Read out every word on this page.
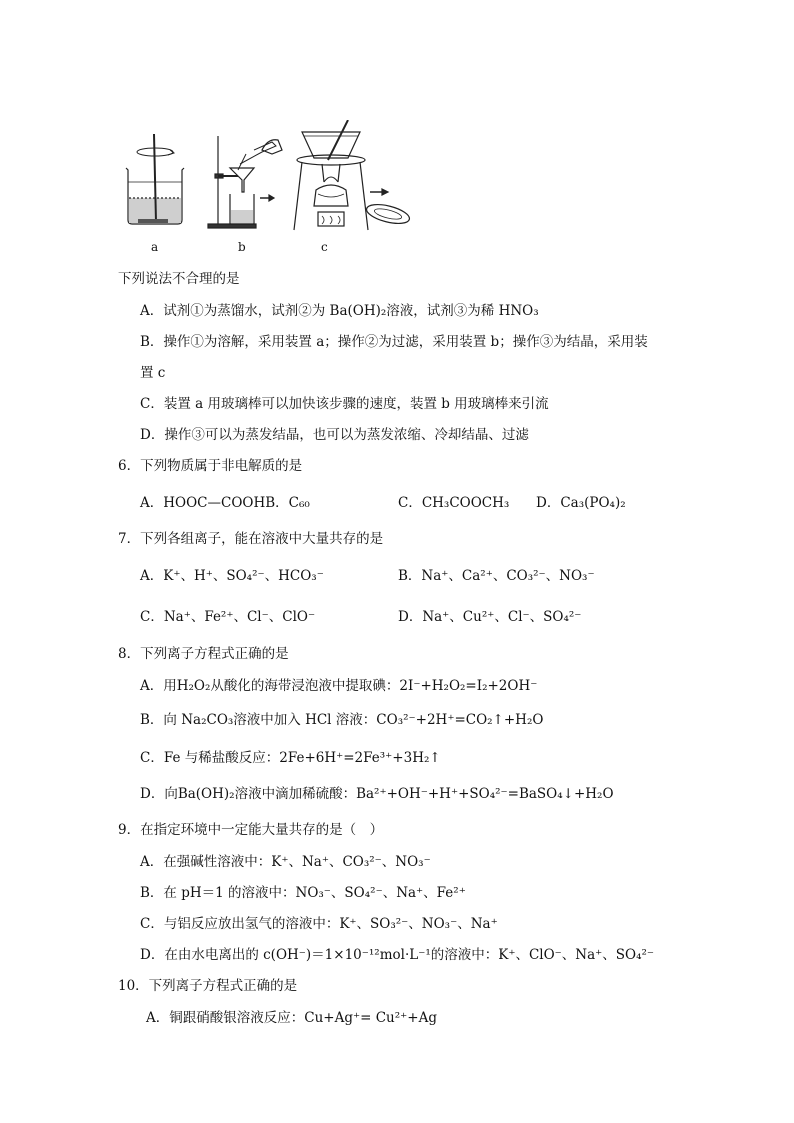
a	b	c
下列说法不合理的是
A．试剂①为蒸馏水，试剂②为 Ba(OH)₂溶液，试剂③为稀 HNO₃
B．操作①为溶解，采用装置 a；操作②为过滤，采用装置 b；操作③为结晶，采用装
置 c
C．装置 a 用玻璃棒可以加快该步骤的速度，装置 b 用玻璃棒来引流
D．操作③可以为蒸发结晶，也可以为蒸发浓缩、冷却结晶、过滤
6．下列物质属于非电解质的是
A．HOOC—COOHB．C₆₀	C．CH₃COOCH₃ D．Ca₃(PO₄)₂
7．下列各组离子，能在溶液中大量共存的是
A．K⁺、H⁺、SO₄²⁻、HCO₃⁻	B．Na⁺、Ca²⁺、CO₃²⁻、NO₃⁻
C．Na⁺、Fe²⁺、Cl⁻、ClO⁻	D．Na⁺、Cu²⁺、Cl⁻、SO₄²⁻
8．下列离子方程式正确的是
A．用H₂O₂从酸化的海带浸泡液中提取碘：2I⁻+H₂O₂=I₂+2OH⁻
B．向 Na₂CO₃溶液中加入 HCl 溶液：CO₃²⁻+2H⁺=CO₂↑+H₂O
C．Fe 与稀盐酸反应：2Fe+6H⁺=2Fe³⁺+3H₂↑
D．向Ba(OH)₂溶液中滴加稀硫酸：Ba²⁺+OH⁻+H⁺+SO₄²⁻=BaSO₄↓+H₂O
9．在指定环境中一定能大量共存的是（　）
A．在强碱性溶液中：K⁺、Na⁺、CO₃²⁻、NO₃⁻
B．在 pH＝1 的溶液中：NO₃⁻、SO₄²⁻、Na⁺、Fe²⁺
C．与铝反应放出氢气的溶液中：K⁺、SO₃²⁻、NO₃⁻、Na⁺
D．在由水电离出的 c(OH⁻)＝1×10⁻¹²mol·L⁻¹的溶液中：K⁺、ClO⁻、Na⁺、SO₄²⁻
10．下列离子方程式正确的是
A．铜跟硝酸银溶液反应：Cu+Ag⁺= Cu²⁺+Ag
